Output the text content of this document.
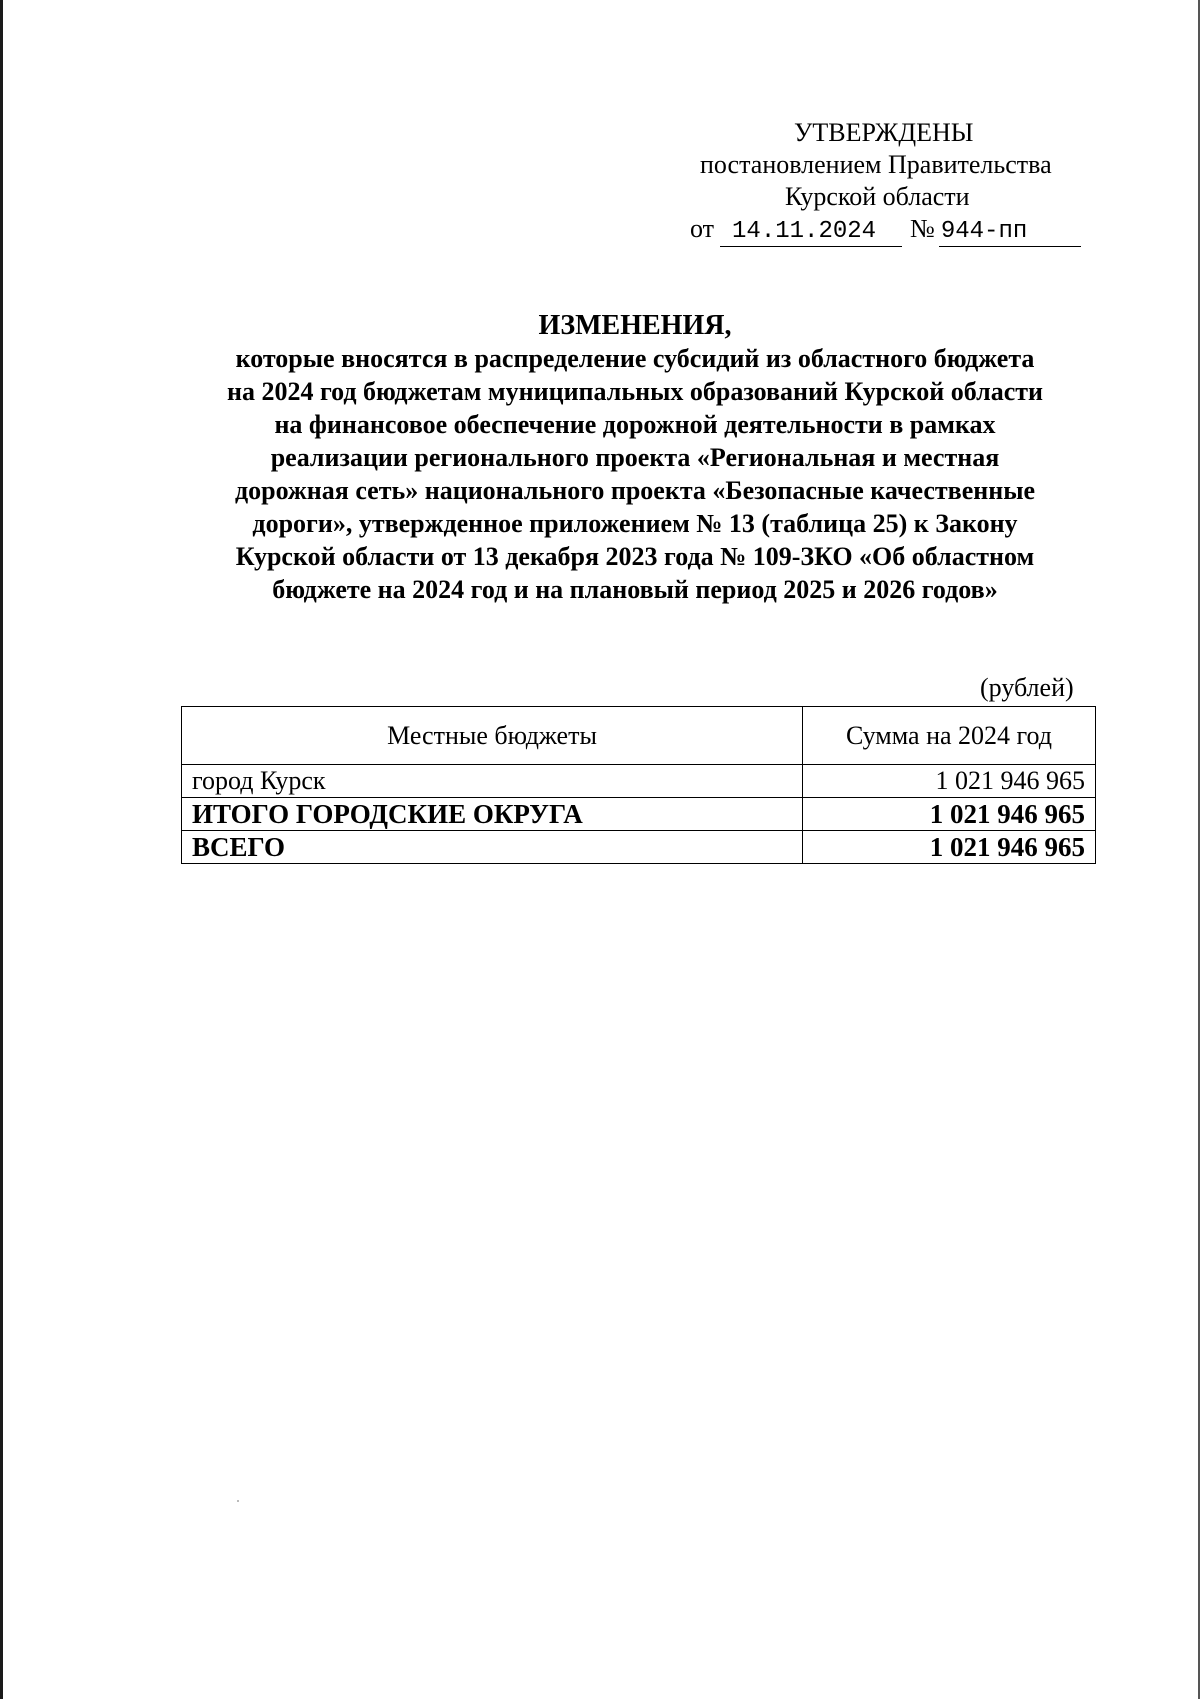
УТВЕРЖДЕНЫ
постановлением Правительства
Курской области
от 14.11.2024	№ 944-пп
ИЗМЕНЕНИЯ,
которые вносятся в распределение субсидий из областного бюджета
на 2024 год бюджетам муниципальных образований Курской области
на финансовое обеспечение дорожной деятельности в рамках
реализации регионального проекта «Региональная и местная
дорожная сеть» национального проекта «Безопасные качественные
дороги», утвержденное приложением № 13 (таблица 25) к Закону
Курской области от 13 декабря 2023 года № 109-ЗКО «Об областном
бюджете на 2024 год и на плановый период 2025 и 2026 годов»
(рублей)
Местные бюджеты	Сумма на 2024 год
город Курск	1 021 946 965
ИТОГО ГОРОДСКИЕ ОКРУГА	1 021 946 965
ВСЕГО	1 021 946 965
